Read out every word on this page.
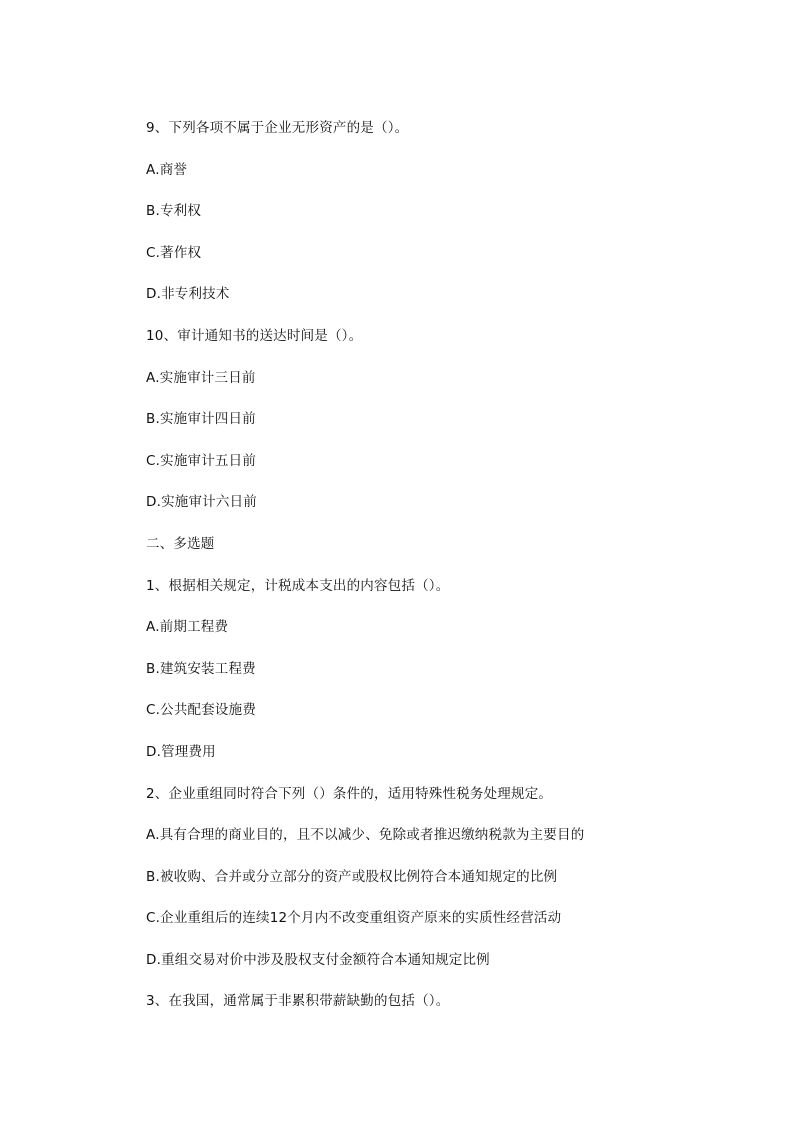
9、下列各项不属于企业无形资产的是（）。
A.商誉
B.专利权
C.著作权
D.非专利技术
10、审计通知书的送达时间是（）。
A.实施审计三日前
B.实施审计四日前
C.实施审计五日前
D.实施审计六日前
二、多选题
1、根据相关规定，计税成本支出的内容包括（）。
A.前期工程费
B.建筑安装工程费
C.公共配套设施费
D.管理费用
2、企业重组同时符合下列（）条件的，适用特殊性税务处理规定。
A.具有合理的商业目的，且不以减少、免除或者推迟缴纳税款为主要目的
B.被收购、合并或分立部分的资产或股权比例符合本通知规定的比例
C.企业重组后的连续12个月内不改变重组资产原来的实质性经营活动
D.重组交易对价中涉及股权支付金额符合本通知规定比例
3、在我国，通常属于非累积带薪缺勤的包括（）。
